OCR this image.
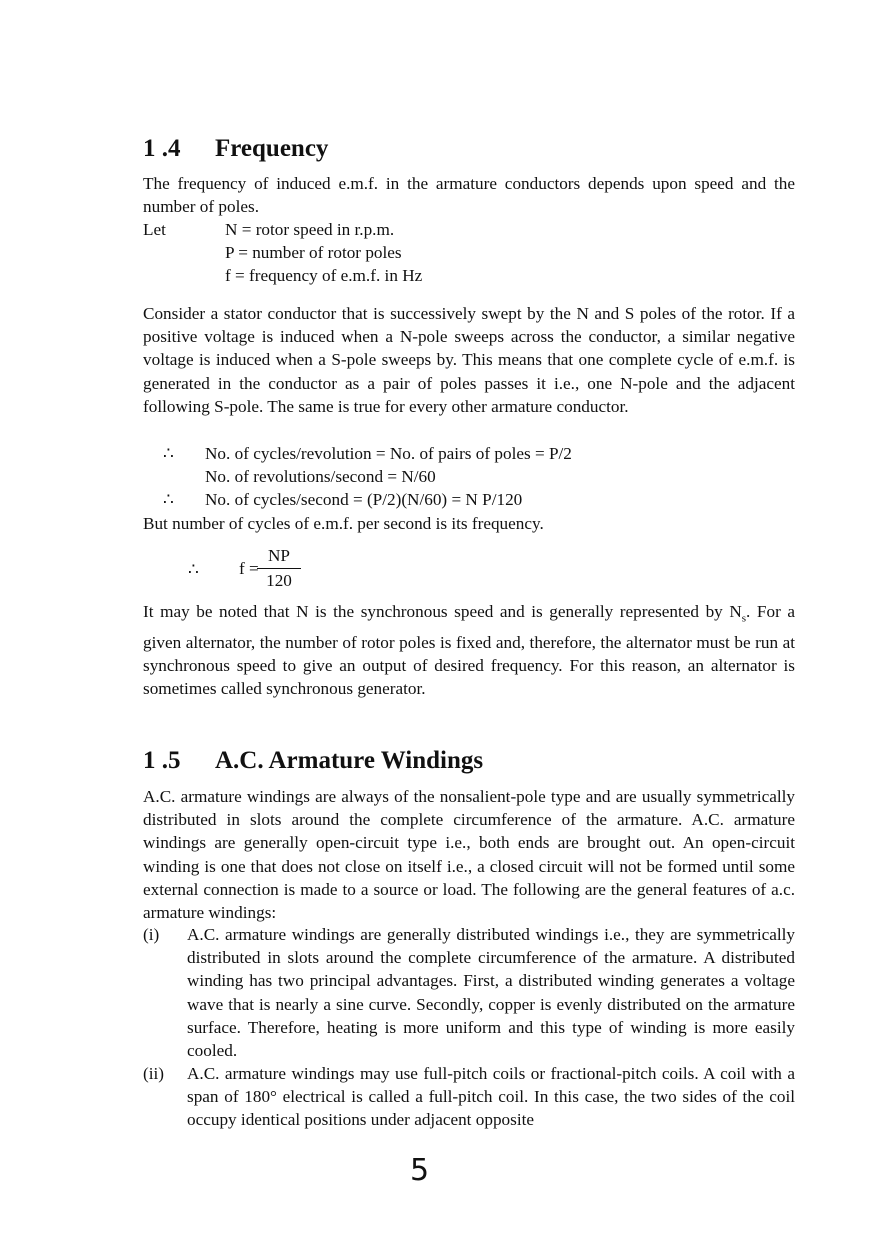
1 .4 Frequency
The frequency of induced e.m.f. in the armature conductors depends upon speed and the number of poles.
Let	N = rotor speed in r.p.m.
P = number of rotor poles
f = frequency of e.m.f. in Hz
Consider a stator conductor that is successively swept by the N and S poles of the rotor. If a positive voltage is induced when a N-pole sweeps across the conductor, a similar negative voltage is induced when a S-pole sweeps by. This means that one complete cycle of e.m.f. is generated in the conductor as a pair of poles passes it i.e., one N-pole and the adjacent following S-pole. The same is true for every other armature conductor.
∴ No. of cycles/revolution = No. of pairs of poles = P/2
No. of revolutions/second = N/60
∴ No. of cycles/second = (P/2)(N/60) = N P/120
But number of cycles of e.m.f. per second is its frequency.
∴ f =
NP
120
It may be noted that N is the synchronous speed and is generally represented by $N_s$. For a given alternator, the number of rotor poles is fixed and, therefore, the alternator must be run at synchronous speed to give an output of desired frequency. For this reason, an alternator is sometimes called synchronous generator.
1 .5 A.C. Armature Windings
A.C. armature windings are always of the nonsalient-pole type and are usually symmetrically distributed in slots around the complete circumference of the armature. A.C. armature windings are generally open-circuit type i.e., both ends are brought out. An open-circuit winding is one that does not close on itself i.e., a closed circuit will not be formed until some external connection is made to a source or load. The following are the general features of a.c. armature windings:
(i) A.C. armature windings are generally distributed windings i.e., they are symmetrically distributed in slots around the complete circumference of the armature. A distributed winding has two principal advantages. First, a distributed winding generates a voltage wave that is nearly a sine curve. Secondly, copper is evenly distributed on the armature surface. Therefore, heating is more uniform and this type of winding is more easily cooled.
(ii) A.C. armature windings may use full-pitch coils or fractional-pitch coils. A coil with a span of 180° electrical is called a full-pitch coil. In this case, the two sides of the coil occupy identical positions under adjacent opposite
5
